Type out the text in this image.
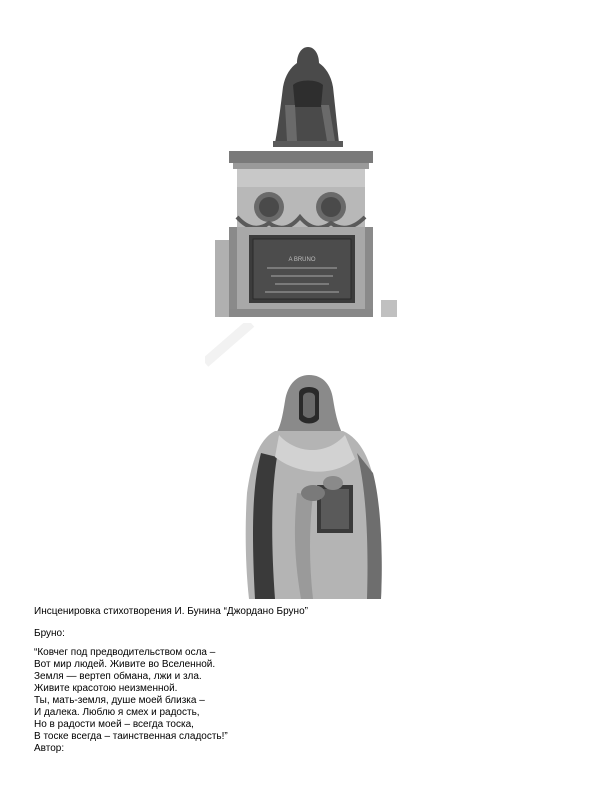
A BRUNO
Инсценировка стихотворения И. Бунина “Джордано Бруно”
Бруно:
“Ковчег под предводительством осла –
Вот мир людей. Живите во Вселенной.
Земля — вертеп обмана, лжи и зла.
Живите красотою неизменной.
Ты, мать-земля, душе моей близка –
И далека. Люблю я смех и радость,
Но в радости моей – всегда тоска,
В тоске всегда – таинственная сладость!”
Автор:
